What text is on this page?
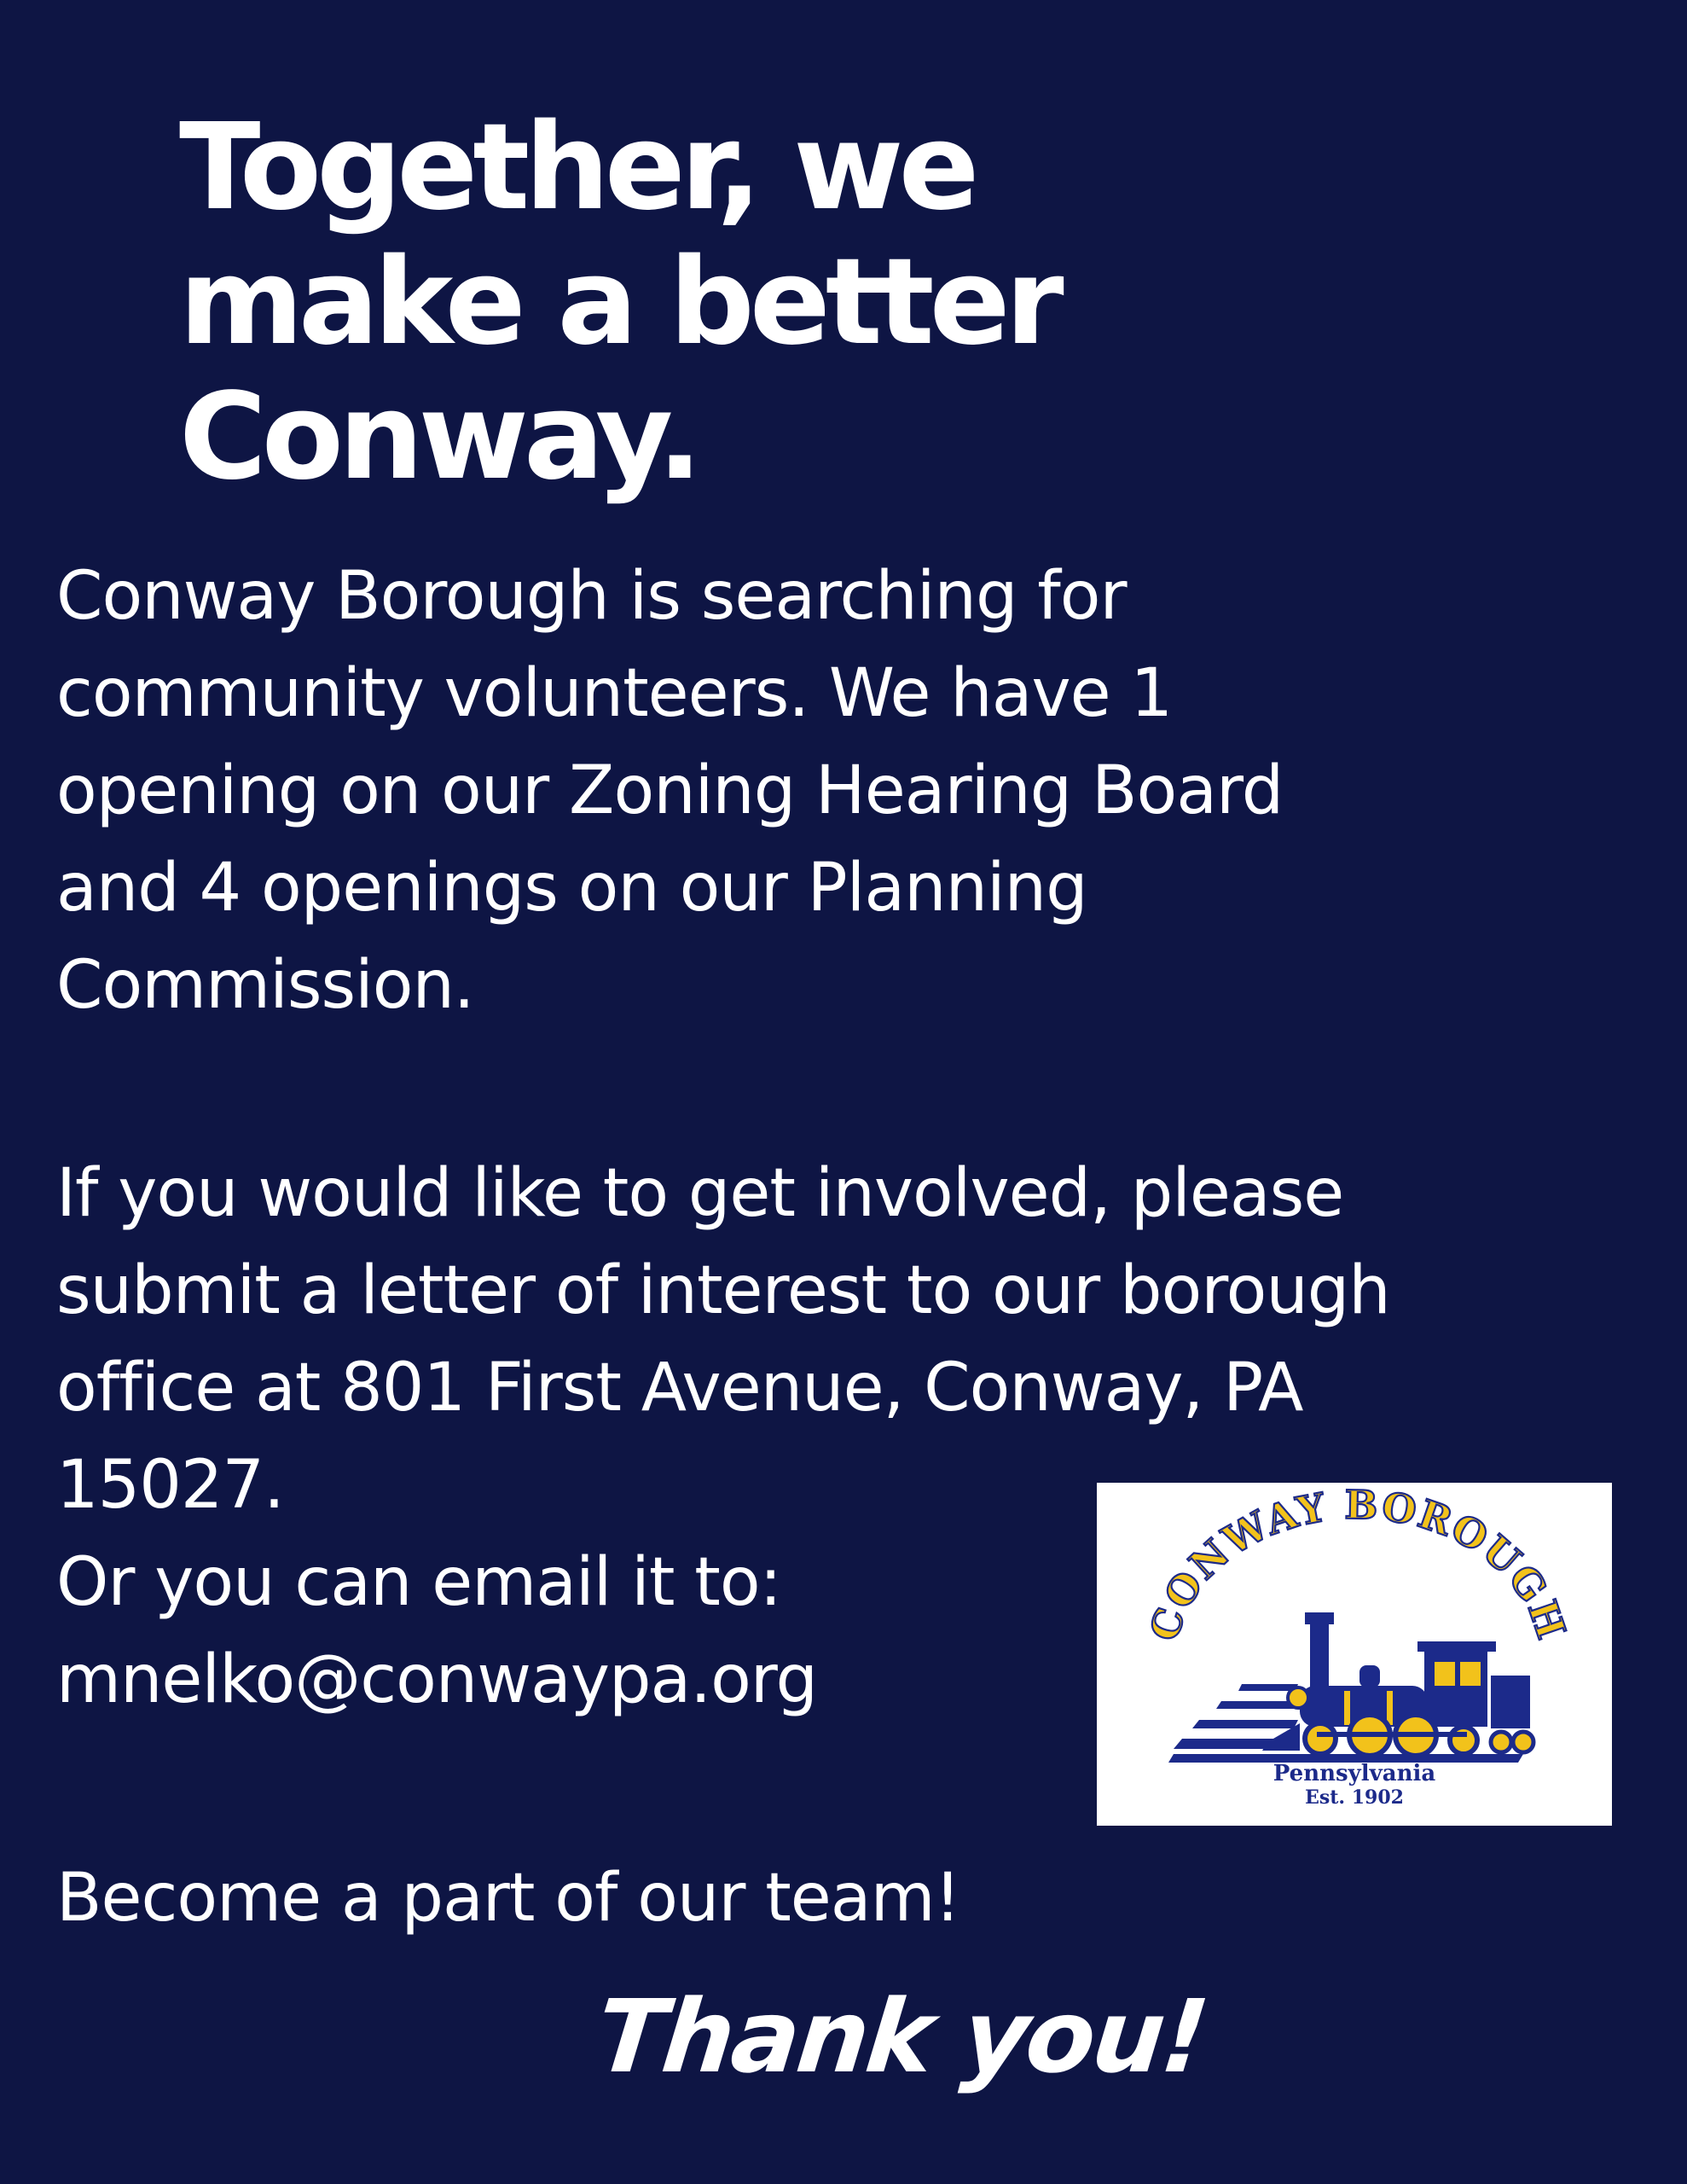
Together, we
make a better
Conway.
Conway Borough is searching for
community volunteers. We have 1
opening on our Zoning Hearing Board
and 4 openings on our Planning
Commission.
If you would like to get involved, please
submit a letter of interest to our borough
office at 801 First Avenue, Conway, PA
15027.
Or you can email it to:
mnelko@conwaypa.org
Become a part of our team!
Thank you!
CONWAY BOROUGH
Pennsylvania
Est. 1902
